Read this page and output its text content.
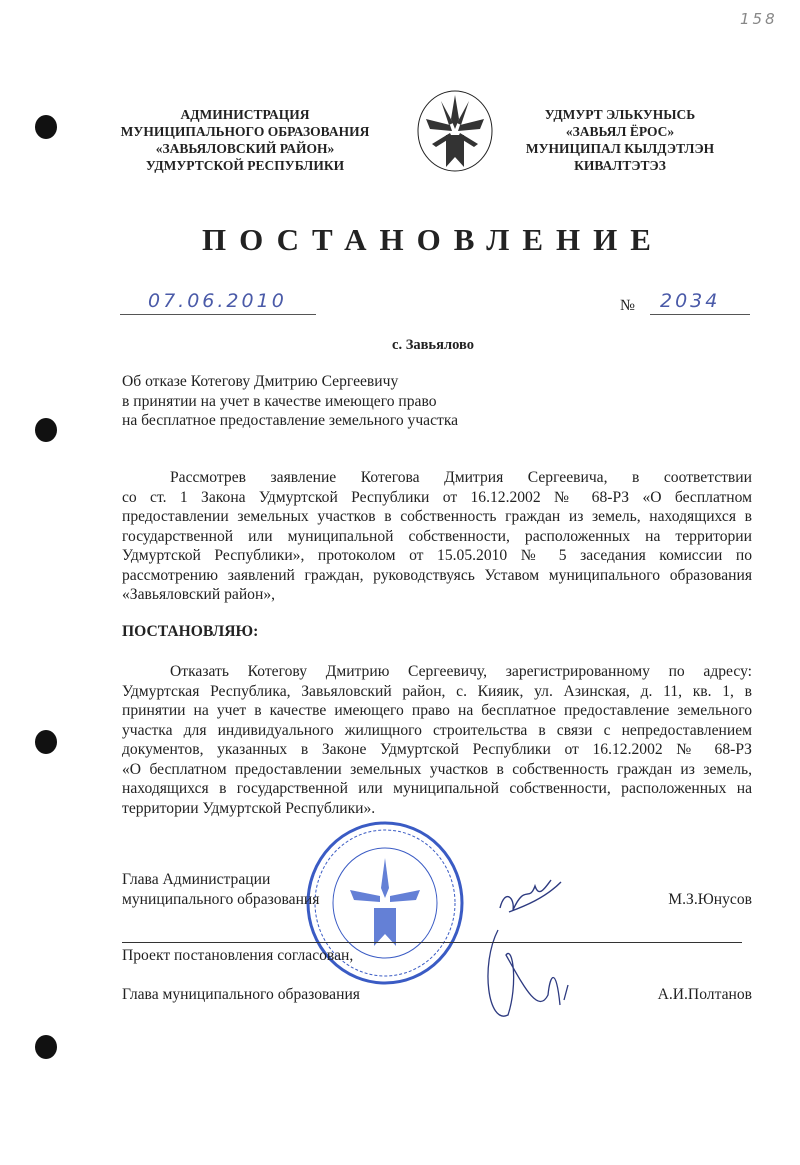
158
АДМИНИСТРАЦИЯ
МУНИЦИПАЛЬНОГО ОБРАЗОВАНИЯ
«ЗАВЬЯЛОВСКИЙ РАЙОН»
УДМУРТСКОЙ РЕСПУБЛИКИ
УДМУРТ ЭЛЬКУНЫСЬ
«ЗАВЬЯЛ ЁРОС»
МУНИЦИПАЛ КЫЛДЭТЛЭН
КИВАЛТЭТЭЗ
ПОСТАНОВЛЕНИЕ
07.06.2010	№ 2034
с. Завьялово
Об отказе Котегову Дмитрию Сергеевичу
в принятии на учет в качестве имеющего право
на бесплатное предоставление земельного участка
Рассмотрев заявление Котегова Дмитрия Сергеевича, в соответствии
со ст. 1 Закона Удмуртской Республики от 16.12.2002 № 68-РЗ «О бесплатном
предоставлении земельных участков в собственность граждан из земель, находящихся в
государственной или муниципальной собственности, расположенных на территории
Удмуртской Республики», протоколом от 15.05.2010 № 5 заседания комиссии по
рассмотрению заявлений граждан, руководствуясь Уставом муниципального образования
«Завьяловский район»,
ПОСТАНОВЛЯЮ:
Отказать Котегову Дмитрию Сергеевичу, зарегистрированному по адресу:
Удмуртская Республика, Завьяловский район, с. Кияик, ул. Азинская, д. 11, кв. 1, в
принятии на учет в качестве имеющего право на бесплатное предоставление земельного
участка для индивидуального жилищного строительства в связи с непредоставлением
документов, указанных в Законе Удмуртской Республики от 16.12.2002 № 68-РЗ
«О бесплатном предоставлении земельных участков в собственность граждан из земель,
находящихся в государственной или муниципальной собственности, расположенных на
территории Удмуртской Республики».
Глава Администрации
муниципального образования	М.З.Юнусов
Проект постановления согласован,
Глава муниципального образования	А.И.Полтанов
